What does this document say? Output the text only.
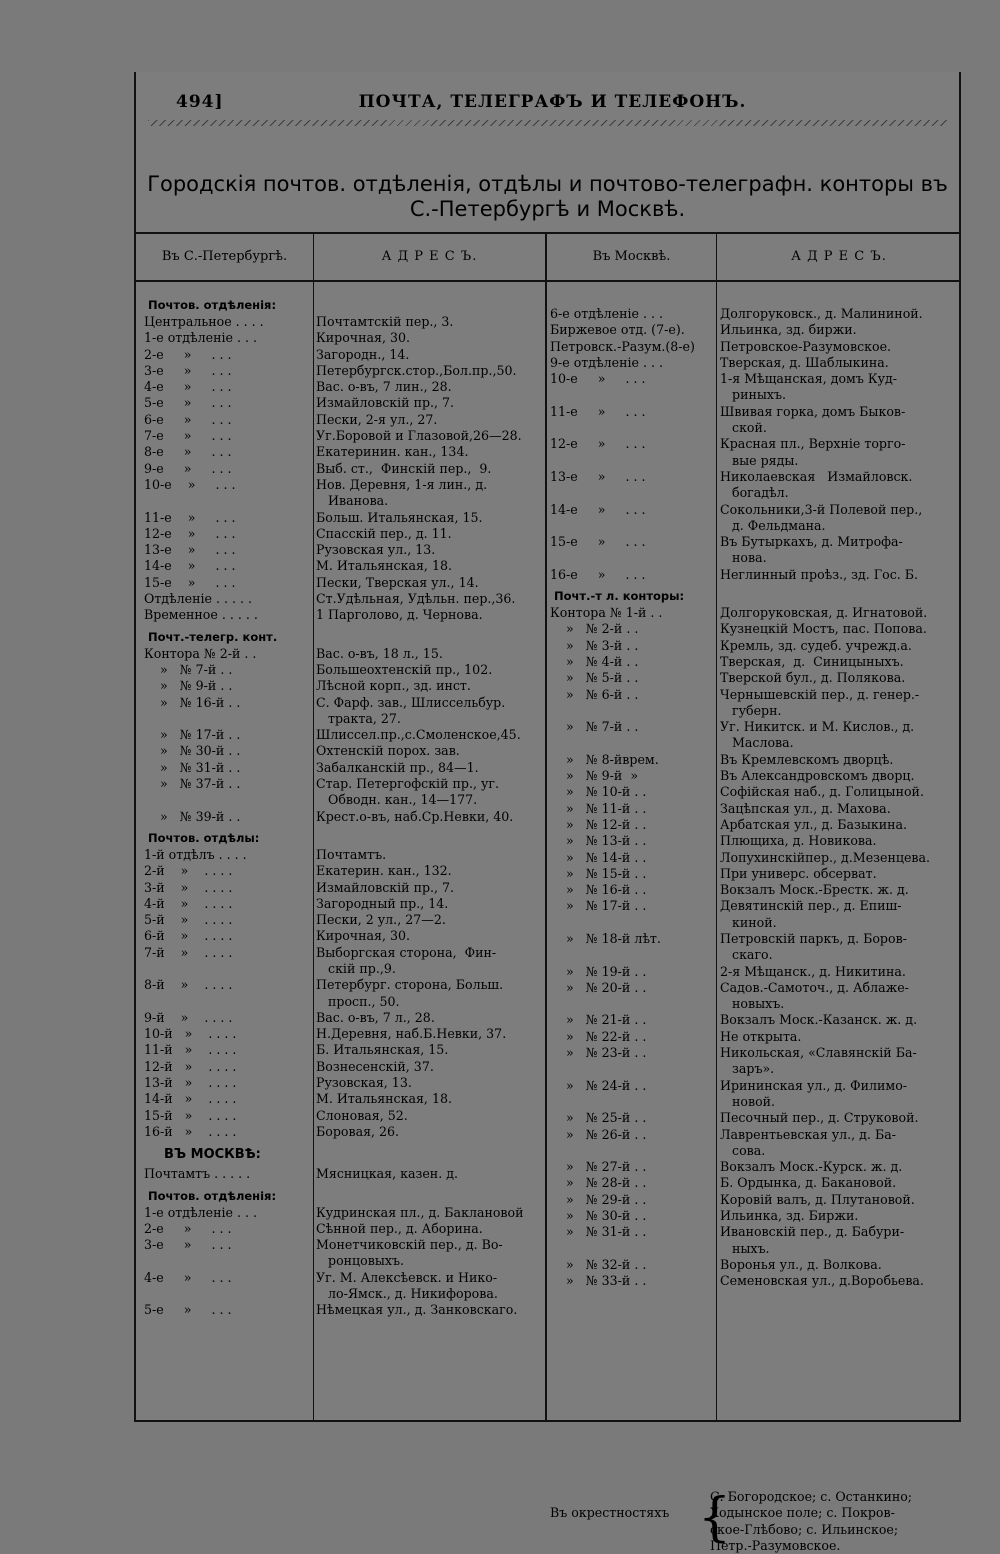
494]	ПОЧТА, ТЕЛЕГРАФЪ И ТЕЛЕФОНЪ.
Городскія почтов. отдѣленія, отдѣлы и почтово-телеграфн. конторы въ С.-Петербургѣ и Москвѣ.
Въ С.-Петербургѣ.	А Д Р Е С Ъ.	Въ Москвѣ.	А Д Р Е С Ъ.
Почтов. отдѣленія:
Центральное . . . .	Почтамтскій пер., 3.
1-е отдѣленіе . . .	Кирочная, 30.
2-е     »     . . .	Загородн., 14.
3-е     »     . . .	Петербургск.стор.,Бол.пр.,50.
4-е     »     . . .	Вас. о-въ, 7 лин., 28.
5-е     »     . . .	Измайловскій пр., 7.
6-е     »     . . .	Пески, 2-я ул., 27.
7-е     »     . . .	Уг.Боровой и Глазовой,26—28.
8-е     »     . . .	Екатеринин. кан., 134.
9-е     »     . . .	Выб. ст.,  Финскій пер.,  9.
10-е    »     . . .	Нов. Деревня, 1-я лин., д.
Иванова.
11-е    »     . . .	Больш. Итальянская, 15.
12-е    »     . . .	Спасскій пер., д. 11.
13-е    »     . . .	Рузовская ул., 13.
14-е    »     . . .	М. Итальянская, 18.
15-е    »     . . .	Пески, Тверская ул., 14.
Отдѣленіе . . . . .	Ст.Удѣльная, Удѣльн. пер.,36.
Временное . . . . .	1 Парголово, д. Чернова.
Почт.-телегр. конт.
Контора № 2-й . .	Вас. о-въ, 18 л., 15.
»   № 7-й . .	Большеохтенскій пр., 102.
»   № 9-й . .	Лѣсной корп., зд. инст.
»   № 16-й . .	С. Фарф. зав., Шлиссельбур.
тракта, 27.
»   № 17-й . .	Шлиссел.пр.,с.Смоленское,45.
»   № 30-й . .	Охтенскій порох. зав.
»   № 31-й . .	Забалканскій пр., 84—1.
»   № 37-й . .	Стар. Петергофскій пр., уг.
Обводн. кан., 14—177.
»   № 39-й . .	Крест.о-въ, наб.Ср.Невки, 40.
Почтов. отдѣлы:
1-й отдѣлъ . . . .	Почтамтъ.
2-й    »    . . . .	Екатерин. кан., 132.
3-й    »    . . . .	Измайловскій пр., 7.
4-й    »    . . . .	Загородный пр., 14.
5-й    »    . . . .	Пески, 2 ул., 27—2.
6-й    »    . . . .	Кирочная, 30.
7-й    »    . . . .	Выборгская сторона,  Фин-
скій пр.,9.
8-й    »    . . . .	Петербург. сторона, Больш.
просп., 50.
9-й    »    . . . .	Вас. о-въ, 7 л., 28.
10-й   »    . . . .	Н.Деревня, наб.Б.Невки, 37.
11-й   »    . . . .	Б. Итальянская, 15.
12-й   »    . . . .	Вознесенскій, 37.
13-й   »    . . . .	Рузовская, 13.
14-й   »    . . . .	М. Итальянская, 18.
15-й   »    . . . .	Слоновая, 52.
16-й   »    . . . .	Боровая, 26.
ВЪ МОСКВѢ:
Почтамтъ . . . . .	Мясницкая, казен. д.
Почтов. отдѣленія:
1-е отдѣленіе . . .	Кудринская пл., д. Баклановой
2-е     »     . . .	Сѣнной пер., д. Аборина.
3-е     »     . . .	Монетчиковскій пер., д. Во-
ронцовыхъ.
4-е     »     . . .	Уг. М. Алексѣевск. и Нико-
ло-Ямск., д. Никифорова.
5-е     »     . . .	Нѣмецкая ул., д. Занковскаго.
6-е отдѣленіе . . .	Долгоруковск., д. Малининой.
Биржевое отд. (7-е).	Ильинка, зд. биржи.
Петровск.-Разум.(8-е)	Петровское-Разумовское.
9-е отдѣленіе . . .	Тверская, д. Шаблыкина.
10-е     »     . . .	1-я Мѣщанская, домъ Куд-
риныхъ.
11-е     »     . . .	Швивая горка, домъ Быков-
ской.
12-е     »     . . .	Красная пл., Верхніе торго-
вые ряды.
13-е     »     . . .	Николаевская   Измайловск.
богадѣл.
14-е     »     . . .	Сокольники,3-й Полевой пер.,
д. Фельдмана.
15-е     »     . . .	Въ Бутыркахъ, д. Митрофа-
нова.
16-е     »     . . .	Неглинный проѣз., зд. Гос. Б.
Почт.-т л. конторы:
Контора № 1-й . .	Долгоруковская, д. Игнатовой.
»   № 2-й . .	Кузнецкій Мостъ, пас. Попова.
»   № 3-й . .	Кремль, зд. судеб. учрежд.а.
»   № 4-й . .	Тверская,  д.  Синицыныхъ.
»   № 5-й . .	Тверской бул., д. Полякова.
»   № 6-й . .	Чернышевскій пер., д. генер.-
губерн.
»   № 7-й . .	Уг. Никитск. и М. Кислов., д.
Маслова.
»   № 8-йврем.	Въ Кремлевскомъ дворцѣ.
»   № 9-й  »	Въ Александровскомъ дворц.
»   № 10-й . .	Софійская наб., д. Голицыной.
»   № 11-й . .	Зацѣпская ул., д. Махова.
»   № 12-й . .	Арбатская ул., д. Базыкина.
»   № 13-й . .	Плющиха, д. Новикова.
»   № 14-й . .	Лопухинскійпер., д.Мезенцева.
»   № 15-й . .	При универс. обсерват.
»   № 16-й . .	Вокзалъ Моск.-Брестк. ж. д.
»   № 17-й . .	Девятинскій пер., д. Епиш-
киной.
»   № 18-й лѣт.	Петровскій паркъ, д. Боров-
скаго.
»   № 19-й . .	2-я Мѣщанск., д. Никитина.
»   № 20-й . .	Садов.-Самоточ., д. Аблаже-
новыхъ.
»   № 21-й . .	Вокзалъ Моск.-Казанск. ж. д.
»   № 22-й . .	Не открыта.
»   № 23-й . .	Никольская, «Славянскій Ба-
заръ».
»   № 24-й . .	Ирининская ул., д. Филимо-
новой.
»   № 25-й . .	Песочный пер., д. Струковой.
»   № 26-й . .	Лаврентьевская ул., д. Ба-
сова.
»   № 27-й . .	Вокзалъ Моск.-Курск. ж. д.
»   № 28-й . .	Б. Ордынка, д. Бакановой.
»   № 29-й . .	Коровій валъ, д. Плутановой.
»   № 30-й . .	Ильинка, зд. Биржи.
»   № 31-й . .	Ивановскій пер., д. Бабури-
ныхъ.
»   № 32-й . .	Воронья ул., д. Волкова.
»   № 33-й . .	Семеновская ул., д.Воробьева.
Въ окрестностяхъ {
С. Богородское; с. Останкино;
Ходынское поле; с. Покров-
ское-Глѣбово; с. Ильинское;
Петр.-Разумовское.
